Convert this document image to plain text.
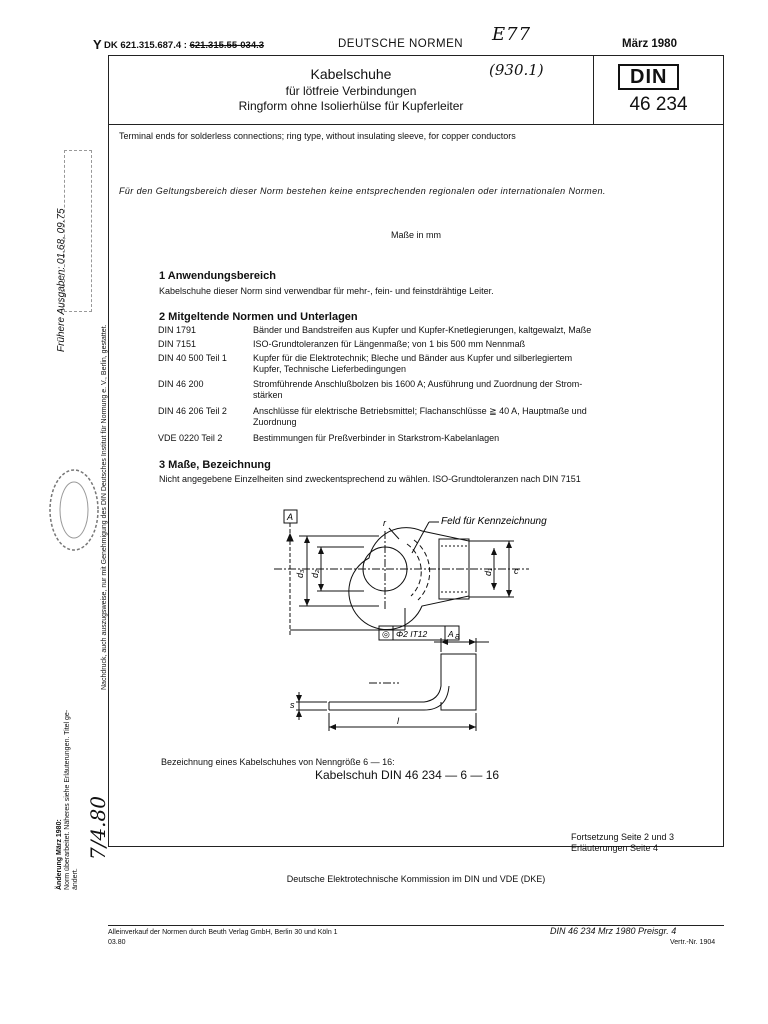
Y DK 621.315.687.4 : 621.315.55-034.3	DEUTSCHE NORMEN E77	März 1980
Kabelschuhe	(930.1)
für lötfreie Verbindungen
Ringform ohne Isolierhülse für Kupferleiter
DIN
46 234
Terminal ends for solderless connections; ring type, without insulating sleeve, for copper conductors
Für den Geltungsbereich dieser Norm bestehen keine entsprechenden regionalen oder internationalen Normen.
Maße in mm
1 Anwendungsbereich
Kabelschuhe dieser Norm sind verwendbar für mehr-, fein- und feinstdrähtige Leiter.
2 Mitgeltende Normen und Unterlagen
DIN 1791	Bänder und Bandstreifen aus Kupfer und Kupfer-Knetlegierungen, kaltgewalzt, Maße
DIN 7151	ISO-Grundtoleranzen für Längenmaße; von 1 bis 500 mm Nennmaß
DIN 40 500 Teil 1	Kupfer für die Elektrotechnik; Bleche und Bänder aus Kupfer und silberlegiertem
Kupfer, Technische Lieferbedingungen
DIN 46 200	Stromführende Anschlußbolzen bis 1600 A; Ausführung und Zuordnung der Strom-
stärken
DIN 46 206 Teil 2	Anschlüsse für elektrische Betriebsmittel; Flachanschlüsse ≧ 40 A, Hauptmaße und
Zuordnung
VDE 0220 Teil 2	Bestimmungen für Preßverbinder in Starkstrom-Kabelanlagen
3 Maße, Bezeichnung
Nicht angegebene Einzelheiten sind zweckentsprechend zu wählen. ISO-Grundtoleranzen nach DIN 7151
A	Feld für Kennzeichnung
r
d₃ d₂	d₁ c
◎ Φ2 IT12 A a
s
l
Bezeichnung eines Kabelschuhes von Nenngröße 6 — 16:
Kabelschuh DIN 46 234 — 6 — 16
Fortsetzung Seite 2 und 3
Erläuterungen Seite 4
Deutsche Elektrotechnische Kommission im DIN und VDE (DKE)
Alleinverkauf der Normen durch Beuth Verlag GmbH, Berlin 30 und Köln 1
03.80
DIN 46 234 Mrz 1980 Preisgr. 4
Vertr.-Nr. 1904
Frühere Ausgaben: 01.68, 09.75
Nachdruck, auch auszugsweise, nur mit Genehmigung des DIN Deutsches Institut für Normung e. V., Berlin, gestattet.
Änderung März 1980: Norm überarbeitet. Näheres siehe Erläuterungen. Titel ge- ändert.
7/4.80
